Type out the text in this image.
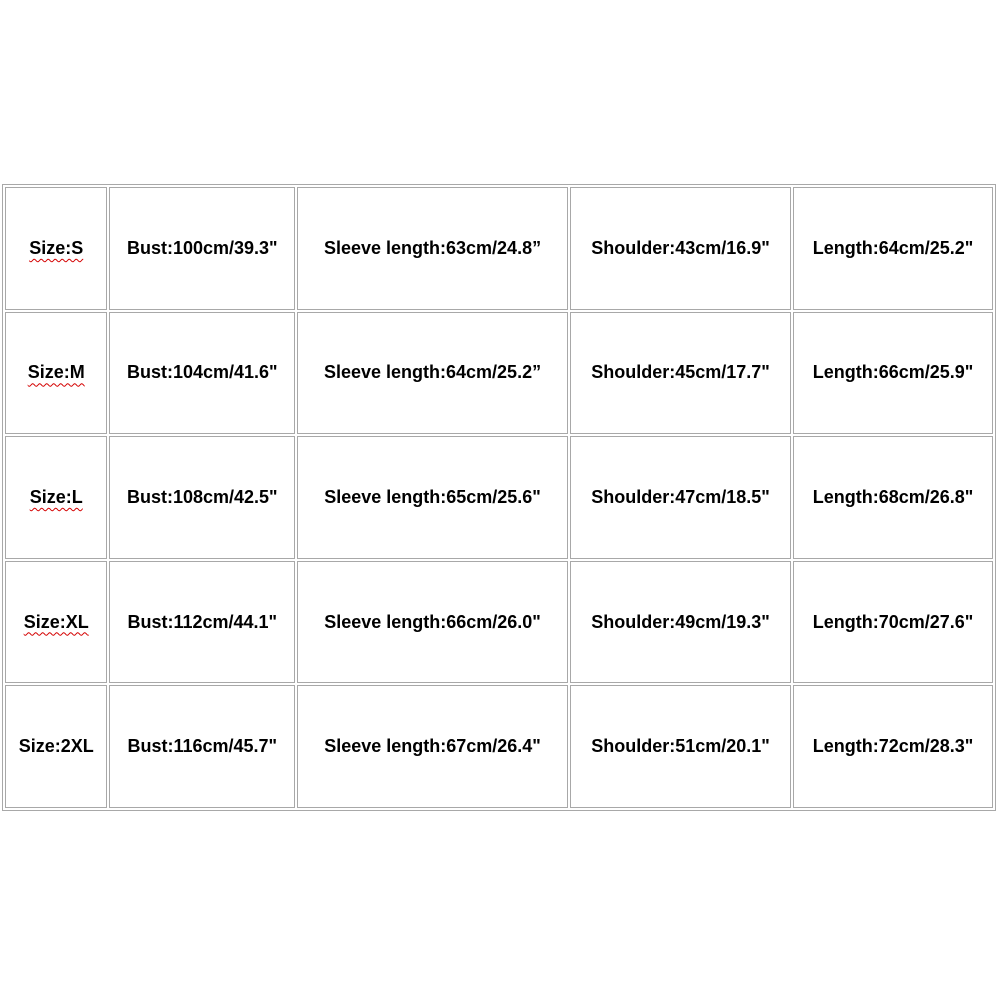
Size:S	Bust:100cm/39.3"	Sleeve length:63cm/24.8”	Shoulder:43cm/16.9"	Length:64cm/25.2"
Size:M	Bust:104cm/41.6"	Sleeve length:64cm/25.2”	Shoulder:45cm/17.7"	Length:66cm/25.9"
Size:L	Bust:108cm/42.5"	Sleeve length:65cm/25.6"	Shoulder:47cm/18.5"	Length:68cm/26.8"
Size:XL	Bust:112cm/44.1"	Sleeve length:66cm/26.0"	Shoulder:49cm/19.3"	Length:70cm/27.6"
Size:2XL	Bust:116cm/45.7"	Sleeve length:67cm/26.4"	Shoulder:51cm/20.1"	Length:72cm/28.3"
